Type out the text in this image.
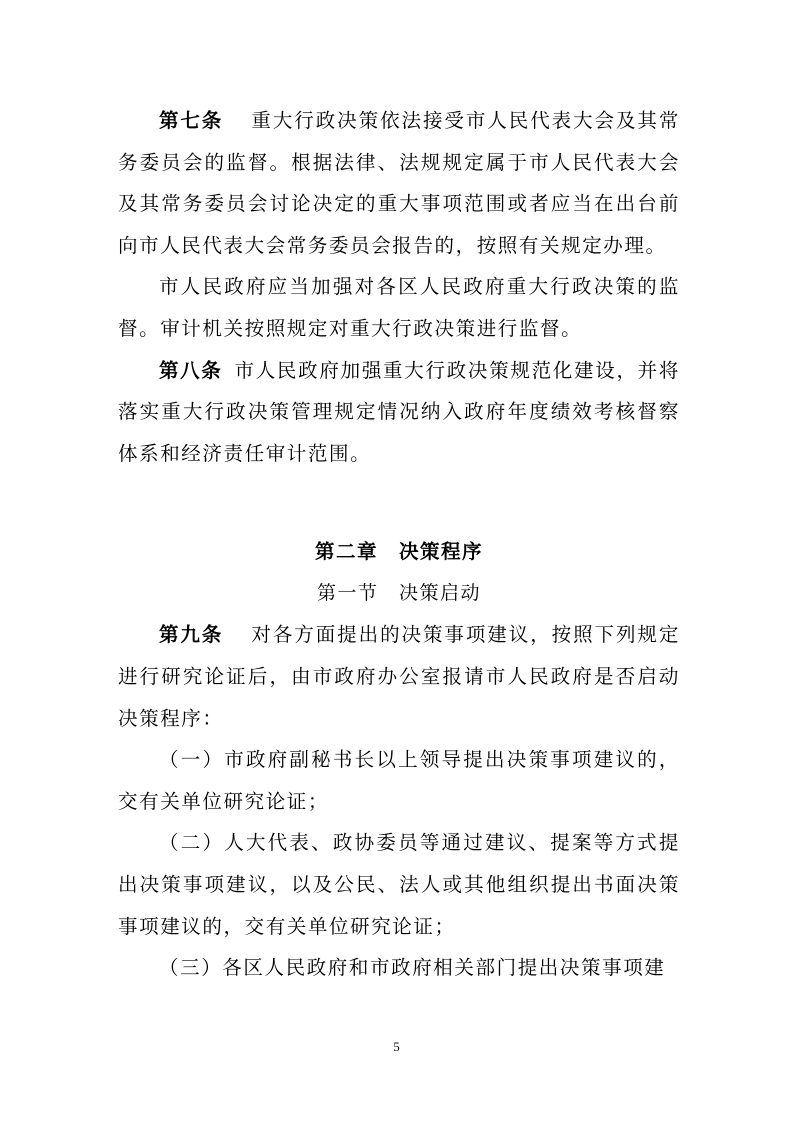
第七条 重大行政决策依法接受市人民代表大会及其常务委员会的监督。根据法律、法规规定属于市人民代表大会及其常务委员会讨论决定的重大事项范围或者应当在出台前向市人民代表大会常务委员会报告的，按照有关规定办理。

市人民政府应当加强对各区人民政府重大行政决策的监督。审计机关按照规定对重大行政决策进行监督。

第八条 市人民政府加强重大行政决策规范化建设，并将落实重大行政决策管理规定情况纳入政府年度绩效考核督察体系和经济责任审计范围。

第二章　决策程序

第一节　决策启动

第九条 对各方面提出的决策事项建议，按照下列规定进行研究论证后，由市政府办公室报请市人民政府是否启动决策程序：

（一）市政府副秘书长以上领导提出决策事项建议的，交有关单位研究论证；

（二）人大代表、政协委员等通过建议、提案等方式提出决策事项建议，以及公民、法人或其他组织提出书面决策事项建议的，交有关单位研究论证；

（三）各区人民政府和市政府相关部门提出决策事项建

5
